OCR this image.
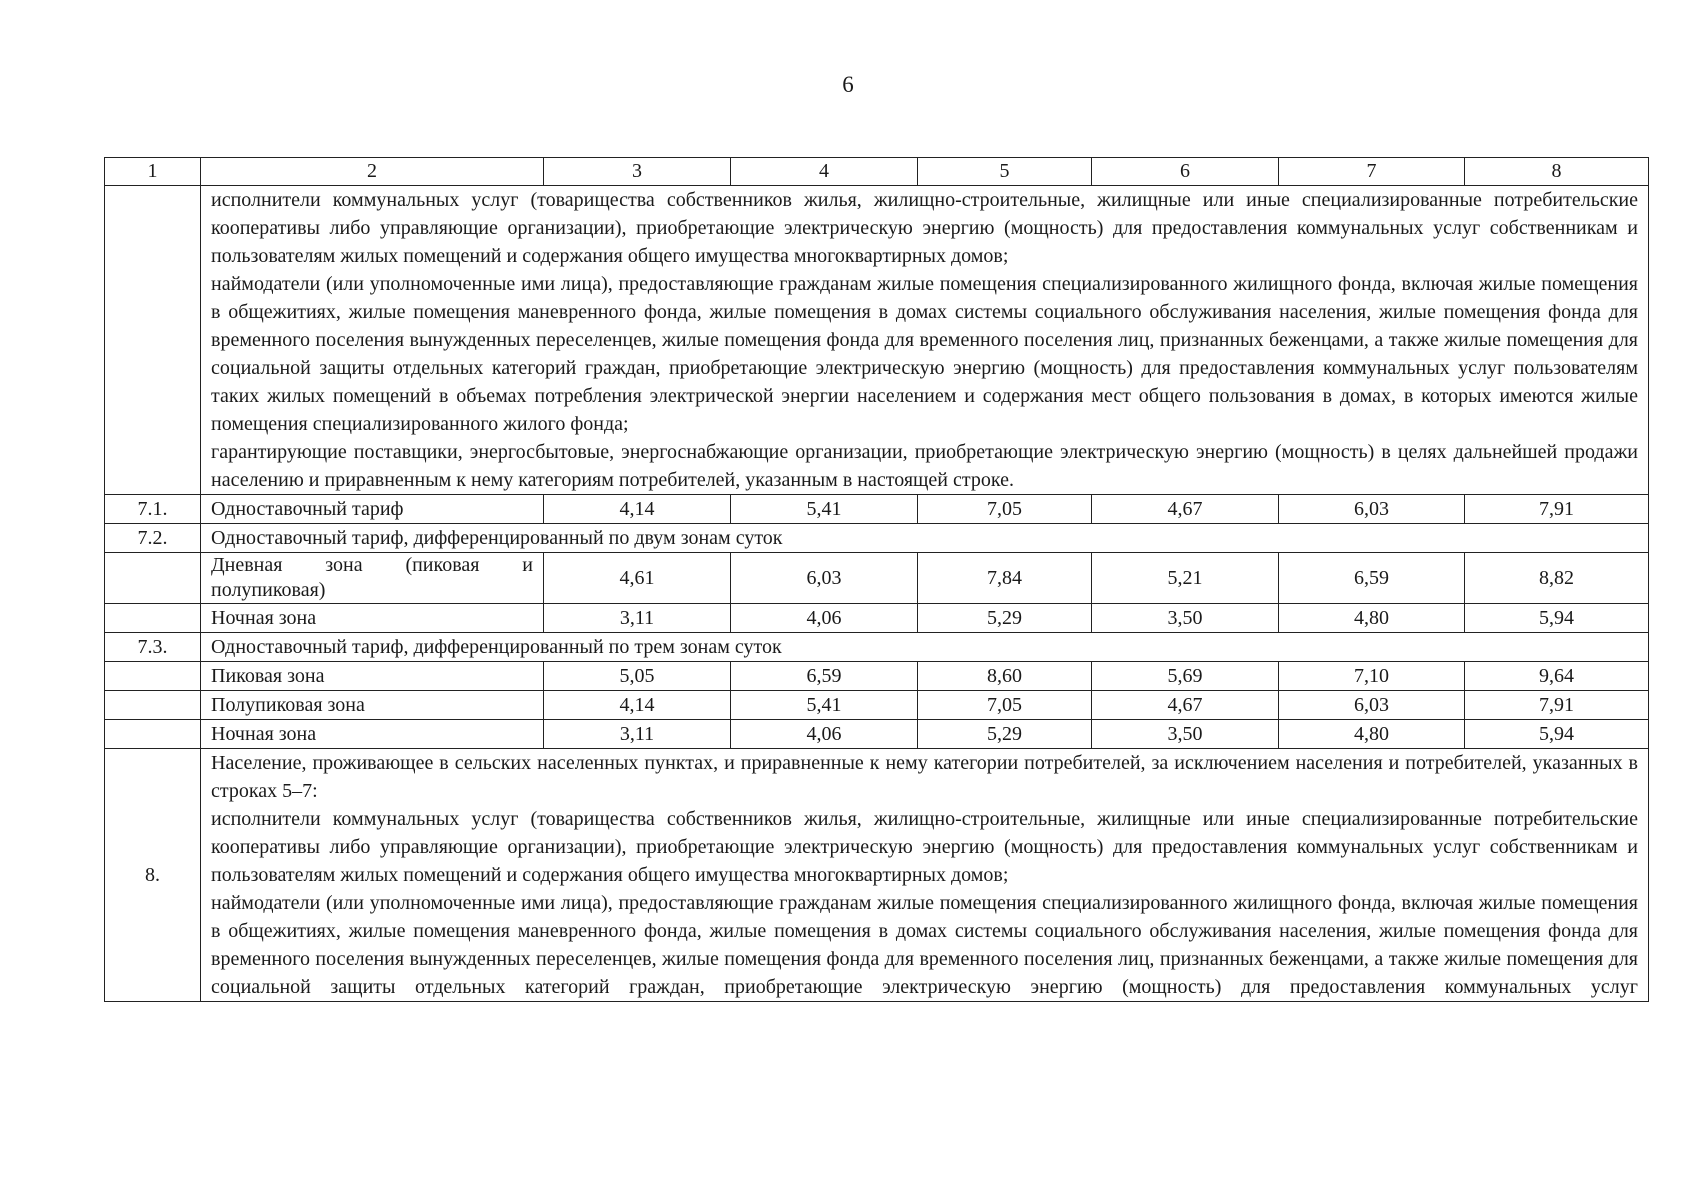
6
1	2	3	4	5	6	7	8

	исполнители коммунальных услуг (товарищества собственников жилья, жилищно-строительные, жилищные или иные специализированные потребительские кооперативы либо управляющие организации), приобретающие электрическую энергию (мощность) для предоставления коммунальных услуг собственникам и пользователям жилых помещений и содержания общего имущества многоквартирных домов;
наймодатели (или уполномоченные ими лица), предоставляющие гражданам жилые помещения специализированного жилищного фонда, включая жилые помещения в общежитиях, жилые помещения маневренного фонда, жилые помещения в домах системы социального обслуживания населения, жилые помещения фонда для временного поселения вынужденных переселенцев, жилые помещения фонда для временного поселения лиц, признанных беженцами, а также жилые помещения для социальной защиты отдельных категорий граждан, приобретающие электрическую энергию (мощность) для предоставления коммунальных услуг пользователям таких жилых помещений в объемах потребления электрической энергии населением и содержания мест общего пользования в домах, в которых имеются жилые помещения специализированного жилого фонда;
гарантирующие поставщики, энергосбытовые, энергоснабжающие организации, приобретающие электрическую энергию (мощность) в целях дальнейшей продажи населению и приравненным к нему категориям потребителей, указанным в настоящей строке.						

7.1.	Одноставочный тариф	4,14	5,41	7,05	4,67	6,03	7,91
7.2.	Одноставочный тариф, дифференцированный по двум зонам суток						
	Дневная зона (пиковая и полупиковая)	4,61	6,03	7,84	5,21	6,59	8,82
	Ночная зона	3,11	4,06	5,29	3,50	4,80	5,94
7.3.	Одноставочный тариф, дифференцированный по трем зонам суток						
	Пиковая зона	5,05	6,59	8,60	5,69	7,10	9,64
	Полупиковая зона	4,14	5,41	7,05	4,67	6,03	7,91
	Ночная зона	3,11	4,06	5,29	3,50	4,80	5,94
8.	Население, проживающее в сельских населенных пунктах, и приравненные к нему категории потребителей, за исключением населения и потребителей, указанных в строках 5–7:
исполнители коммунальных услуг (товарищества собственников жилья, жилищно-строительные, жилищные или иные специализированные потребительские кооперативы либо управляющие организации), приобретающие электрическую энергию (мощность) для предоставления коммунальных услуг собственникам и пользователям жилых помещений и содержания общего имущества многоквартирных домов;
наймодатели (или уполномоченные ими лица), предоставляющие гражданам жилые помещения специализированного жилищного фонда, включая жилые помещения в общежитиях, жилые помещения маневренного фонда, жилые помещения в домах системы социального обслуживания населения, жилые помещения фонда для временного поселения вынужденных переселенцев, жилые помещения фонда для временного поселения лиц, признанных беженцами, а также жилые помещения для социальной защиты отдельных категорий граждан, приобретающие электрическую энергию (мощность) для предоставления коммунальных услуг						
